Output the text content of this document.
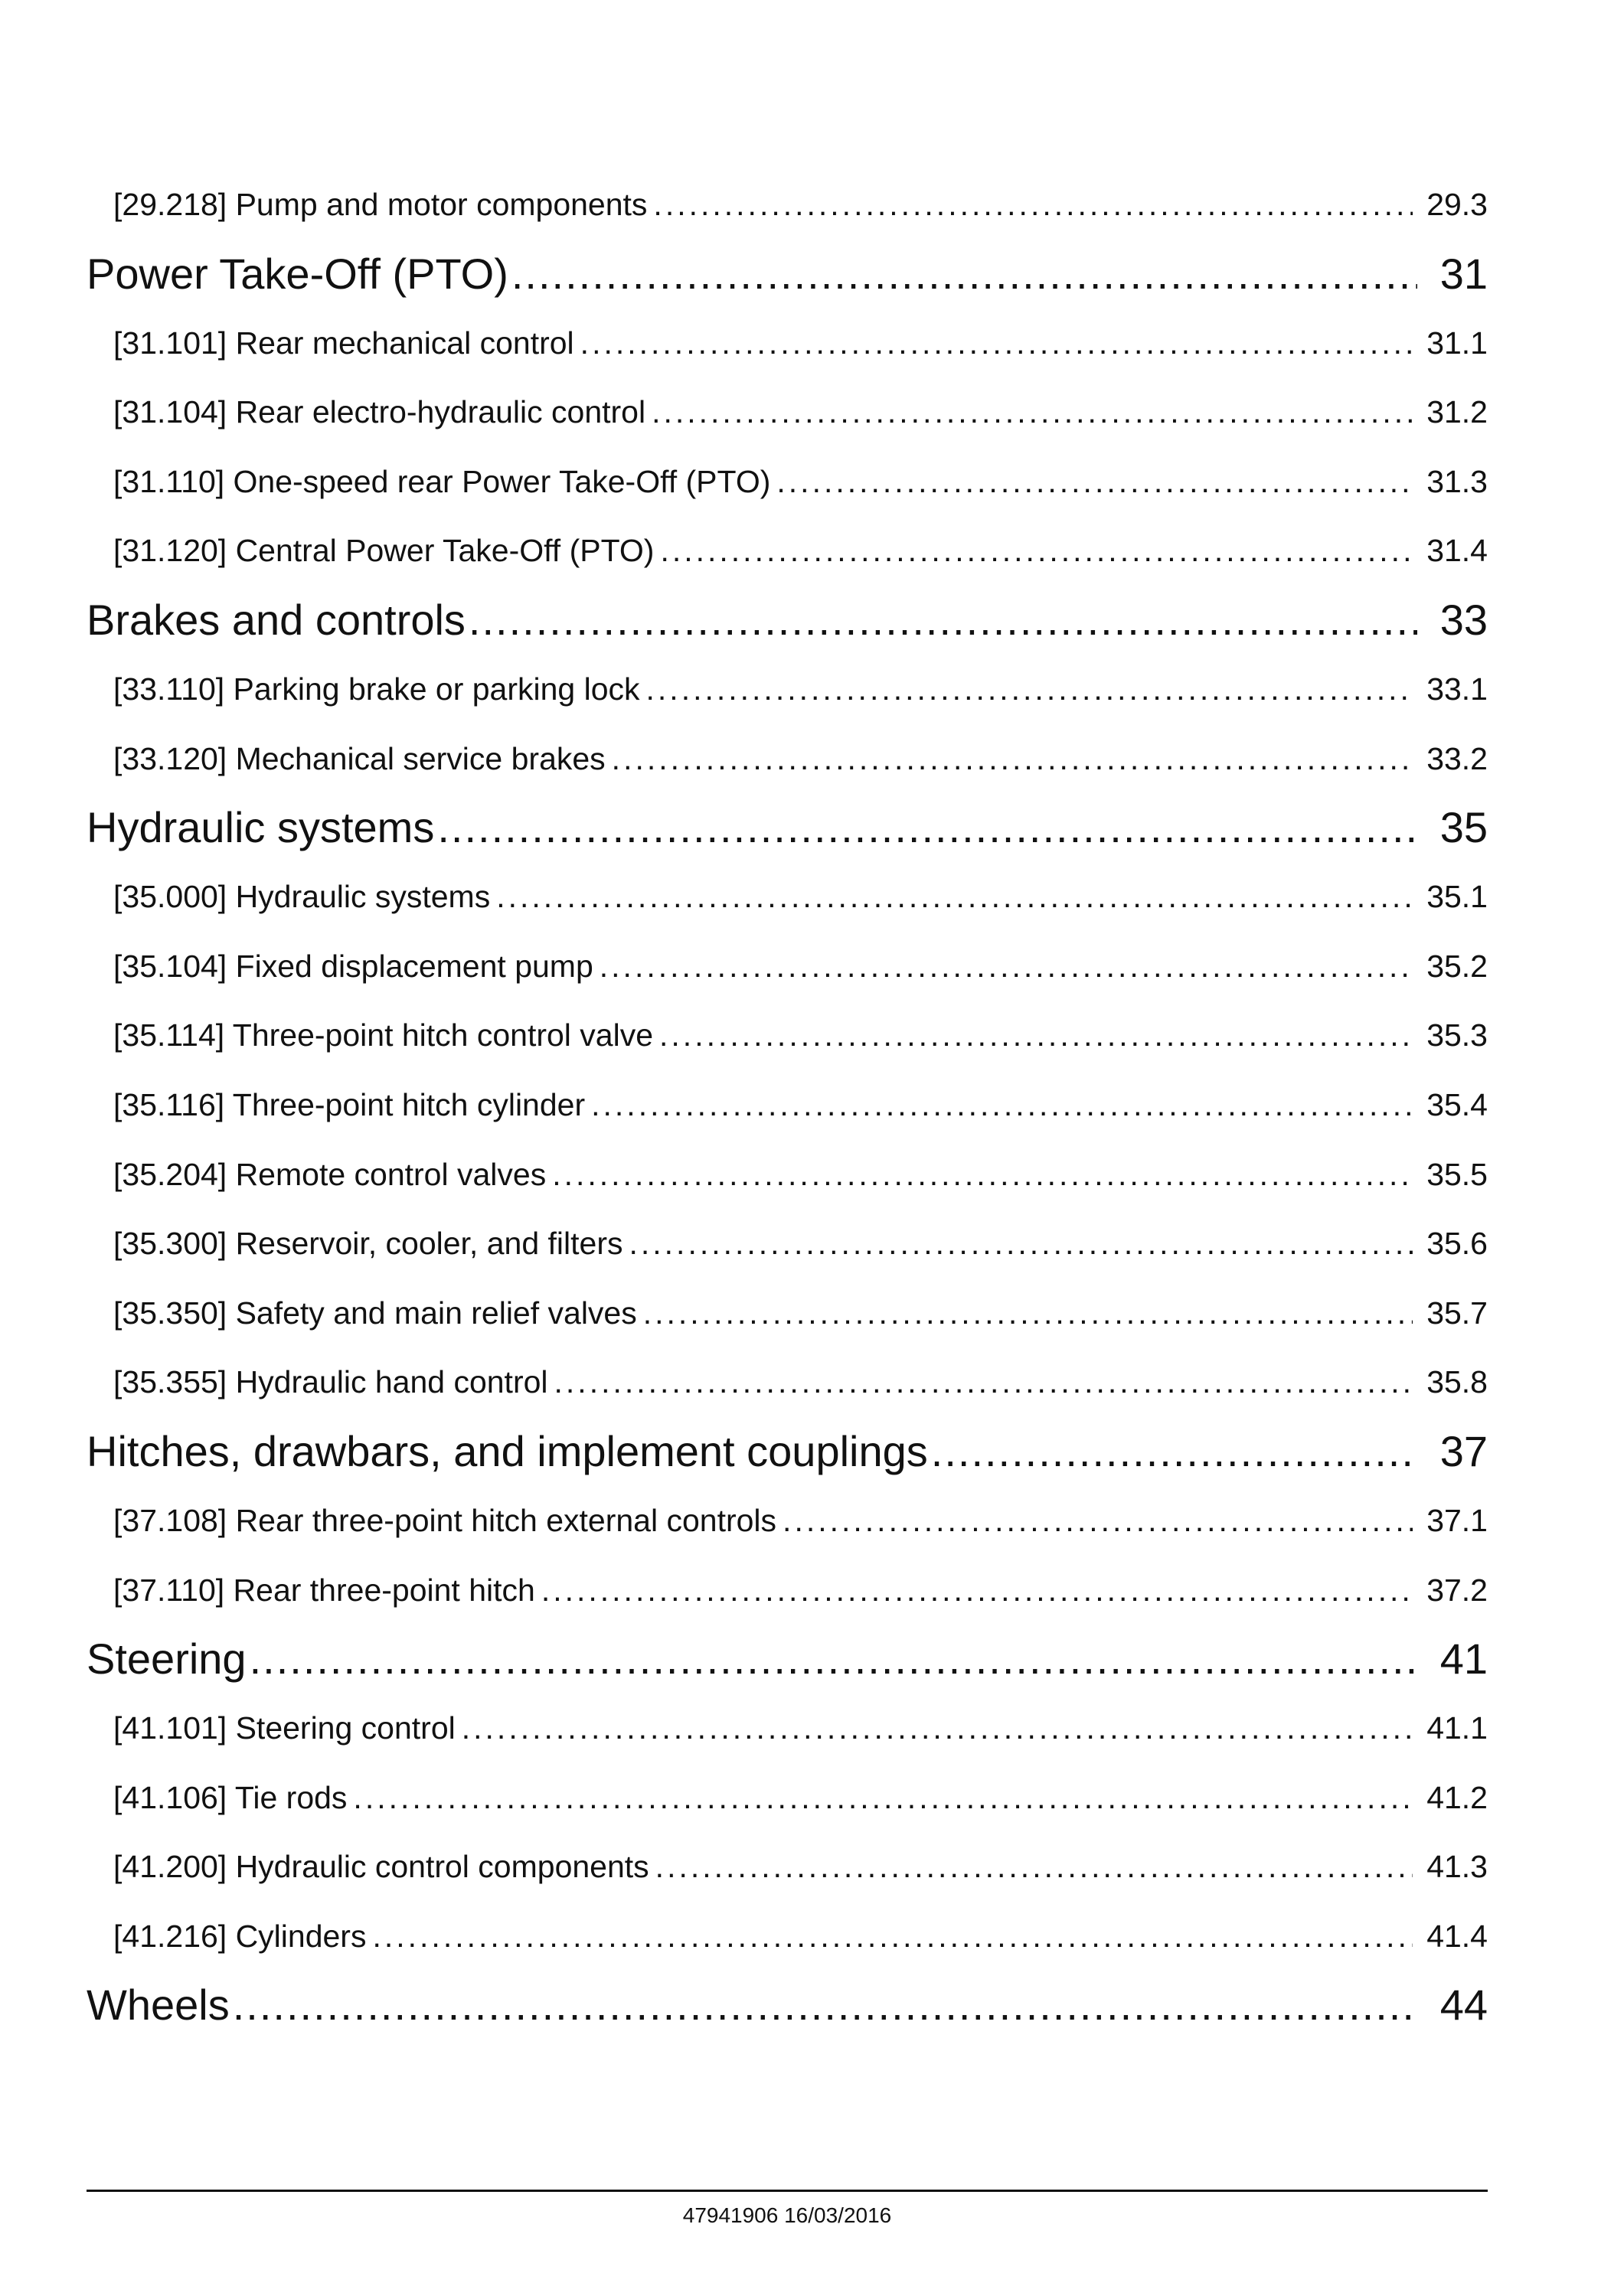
[29.218] Pump and motor components .....	29.3
Power Take-Off (PTO) .....	31
[31.101] Rear mechanical control .....	31.1
[31.104] Rear electro-hydraulic control .....	31.2
[31.110] One-speed rear Power Take-Off (PTO) .....	31.3
[31.120] Central Power Take-Off (PTO) .....	31.4
Brakes and controls .....	33
[33.110] Parking brake or parking lock .....	33.1
[33.120] Mechanical service brakes .....	33.2
Hydraulic systems .....	35
[35.000] Hydraulic systems .....	35.1
[35.104] Fixed displacement pump .....	35.2
[35.114] Three-point hitch control valve .....	35.3
[35.116] Three-point hitch cylinder .....	35.4
[35.204] Remote control valves .....	35.5
[35.300] Reservoir, cooler, and filters .....	35.6
[35.350] Safety and main relief valves .....	35.7
[35.355] Hydraulic hand control .....	35.8
Hitches, drawbars, and implement couplings .....	37
[37.108] Rear three-point hitch external controls .....	37.1
[37.110] Rear three-point hitch .....	37.2
Steering .....	41
[41.101] Steering control .....	41.1
[41.106] Tie rods .....	41.2
[41.200] Hydraulic control components .....	41.3
[41.216] Cylinders .....	41.4
Wheels .....	44
47941906 16/03/2016
